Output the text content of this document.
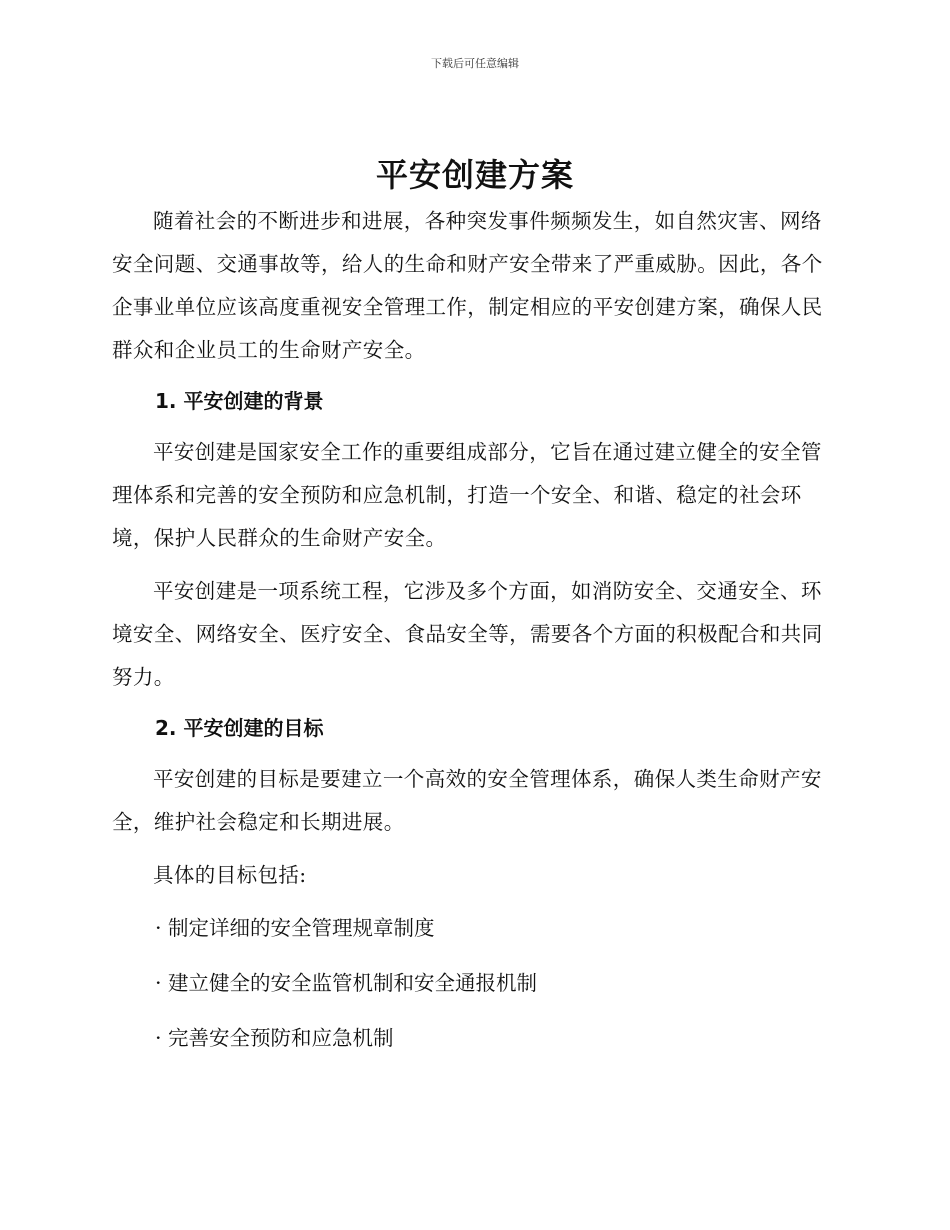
下载后可任意编辑
平安创建方案

随着社会的不断进步和进展，各种突发事件频频发生，如自然灾害、网络安全问题、交通事故等，给人的生命和财产安全带来了严重威胁。因此，各个企事业单位应该高度重视安全管理工作，制定相应的平安创建方案，确保人民群众和企业员工的生命财产安全。

1. 平安创建的背景

平安创建是国家安全工作的重要组成部分，它旨在通过建立健全的安全管理体系和完善的安全预防和应急机制，打造一个安全、和谐、稳定的社会环境，保护人民群众的生命财产安全。

平安创建是一项系统工程，它涉及多个方面，如消防安全、交通安全、环境安全、网络安全、医疗安全、食品安全等，需要各个方面的积极配合和共同努力。

2. 平安创建的目标

平安创建的目标是要建立一个高效的安全管理体系，确保人类生命财产安全，维护社会稳定和长期进展。

具体的目标包括:

· 制定详细的安全管理规章制度

· 建立健全的安全监管机制和安全通报机制

· 完善安全预防和应急机制
